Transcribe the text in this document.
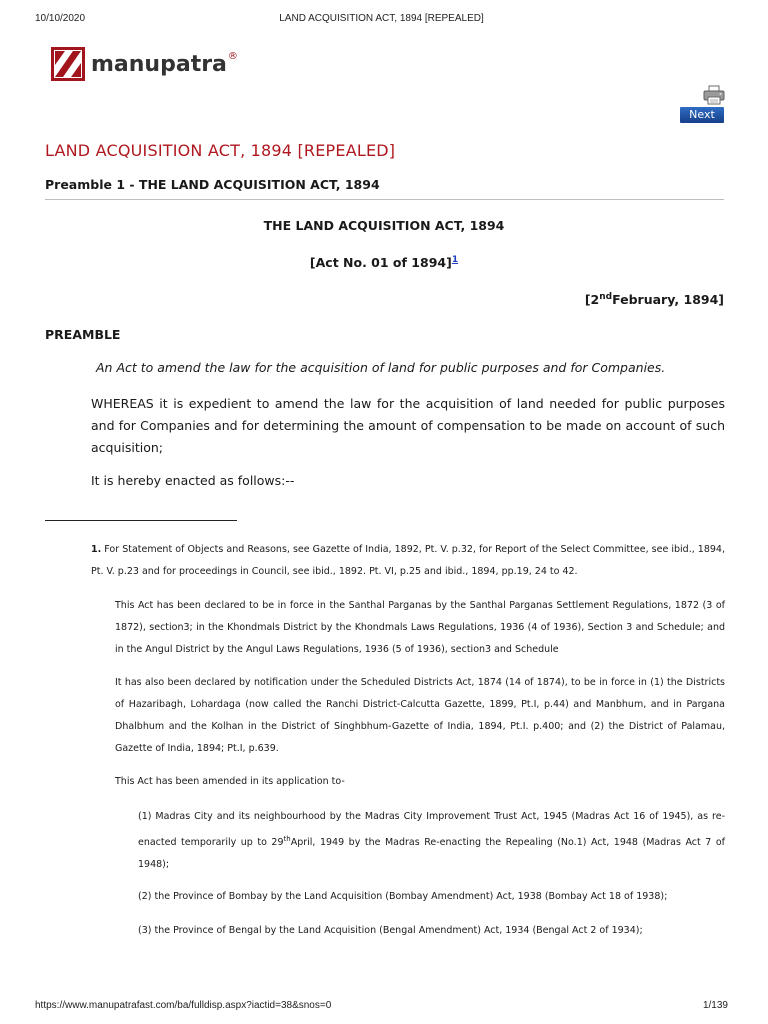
10/10/2020	LAND ACQUISITION ACT, 1894 [REPEALED]
manupatra ®
Next
LAND ACQUISITION ACT, 1894 [REPEALED]
Preamble 1 - THE LAND ACQUISITION ACT, 1894
THE LAND ACQUISITION ACT, 1894
[Act No. 01 of 1894]$^1$
[2ndFebruary, 1894]
PREAMBLE
An Act to amend the law for the acquisition of land for public purposes and for Companies.

WHEREAS it is expedient to amend the law for the acquisition of land needed for public purposes and for Companies and for determining the amount of compensation to be made on account of such acquisition;

It is hereby enacted as follows:--

1. For Statement of Objects and Reasons, see Gazette of India, 1892, Pt. V. p.32, for Report of the Select Committee, see ibid., 1894, Pt. V. p.23 and for proceedings in Council, see ibid., 1892. Pt. VI, p.25 and ibid., 1894, pp.19, 24 to 42.

This Act has been declared to be in force in the Santhal Parganas by the Santhal Parganas Settlement Regulations, 1872 (3 of 1872), section3; in the Khondmals District by the Khondmals Laws Regulations, 1936 (4 of 1936), Section 3 and Schedule; and in the Angul District by the Angul Laws Regulations, 1936 (5 of 1936), section3 and Schedule

It has also been declared by notification under the Scheduled Districts Act, 1874 (14 of 1874), to be in force in (1) the Districts of Hazaribagh, Lohardaga (now called the Ranchi District-Calcutta Gazette, 1899, Pt.I, p.44) and Manbhum, and in Pargana Dhalbhum and the Kolhan in the District of Singhbhum-Gazette of India, 1894, Pt.I. p.400; and (2) the District of Palamau, Gazette of India, 1894; Pt.I, p.639.

This Act has been amended in its application to-

(1) Madras City and its neighbourhood by the Madras City Improvement Trust Act, 1945 (Madras Act 16 of 1945), as re- enacted temporarily up to 29thApril, 1949 by the Madras Re-enacting the Repealing (No.1) Act, 1948 (Madras Act 7 of 1948);

(2) the Province of Bombay by the Land Acquisition (Bombay Amendment) Act, 1938 (Bombay Act 18 of 1938);

(3) the Province of Bengal by the Land Acquisition (Bengal Amendment) Act, 1934 (Bengal Act 2 of 1934);

https://www.manupatrafast.com/ba/fulldisp.aspx?iactid=38&snos=0	1/139
